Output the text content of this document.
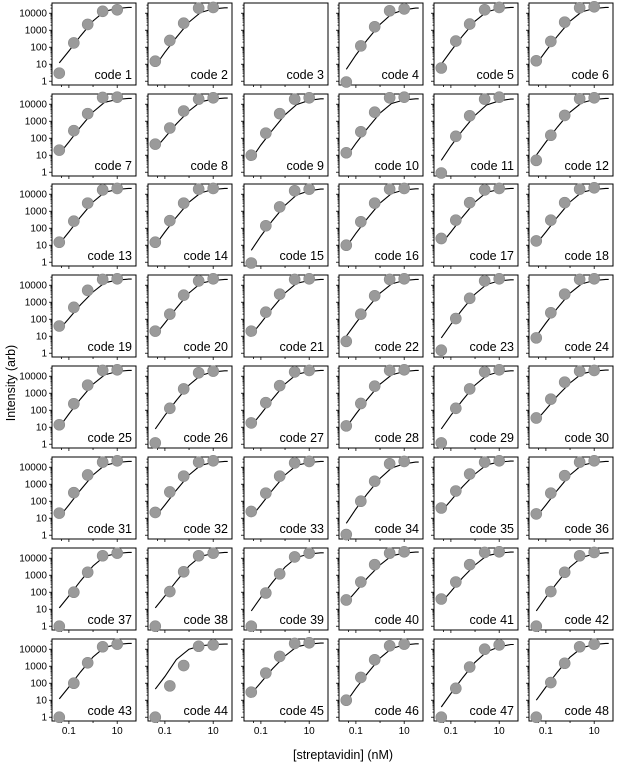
Intensity (arb)
[streptavidin] (nM)
1
10
100
1000
10000
code 1	code 2	code 3	code 4	code 5	code 6
1
10
100
1000
10000
code 7	code 8	code 9	code 10	code 11	code 12
1
10
100
1000
10000
code 13	code 14	code 15	code 16	code 17	code 18
1
10
100
1000
10000
code 19	code 20	code 21	code 22	code 23	code 24
1
10
100
1000
10000
code 25	code 26	code 27	code 28	code 29	code 30
1
10
100
1000
10000
code 31	code 32	code 33	code 34	code 35	code 36
1
10
100
1000
10000
code 37	code 38	code 39	code 40	code 41	code 42
1
10
100
1000
10000
0.1	10
code 43
0.1	10
code 44
0.1	10
code 45
0.1	10
code 46
0.1	10
code 47
0.1	10
code 48
